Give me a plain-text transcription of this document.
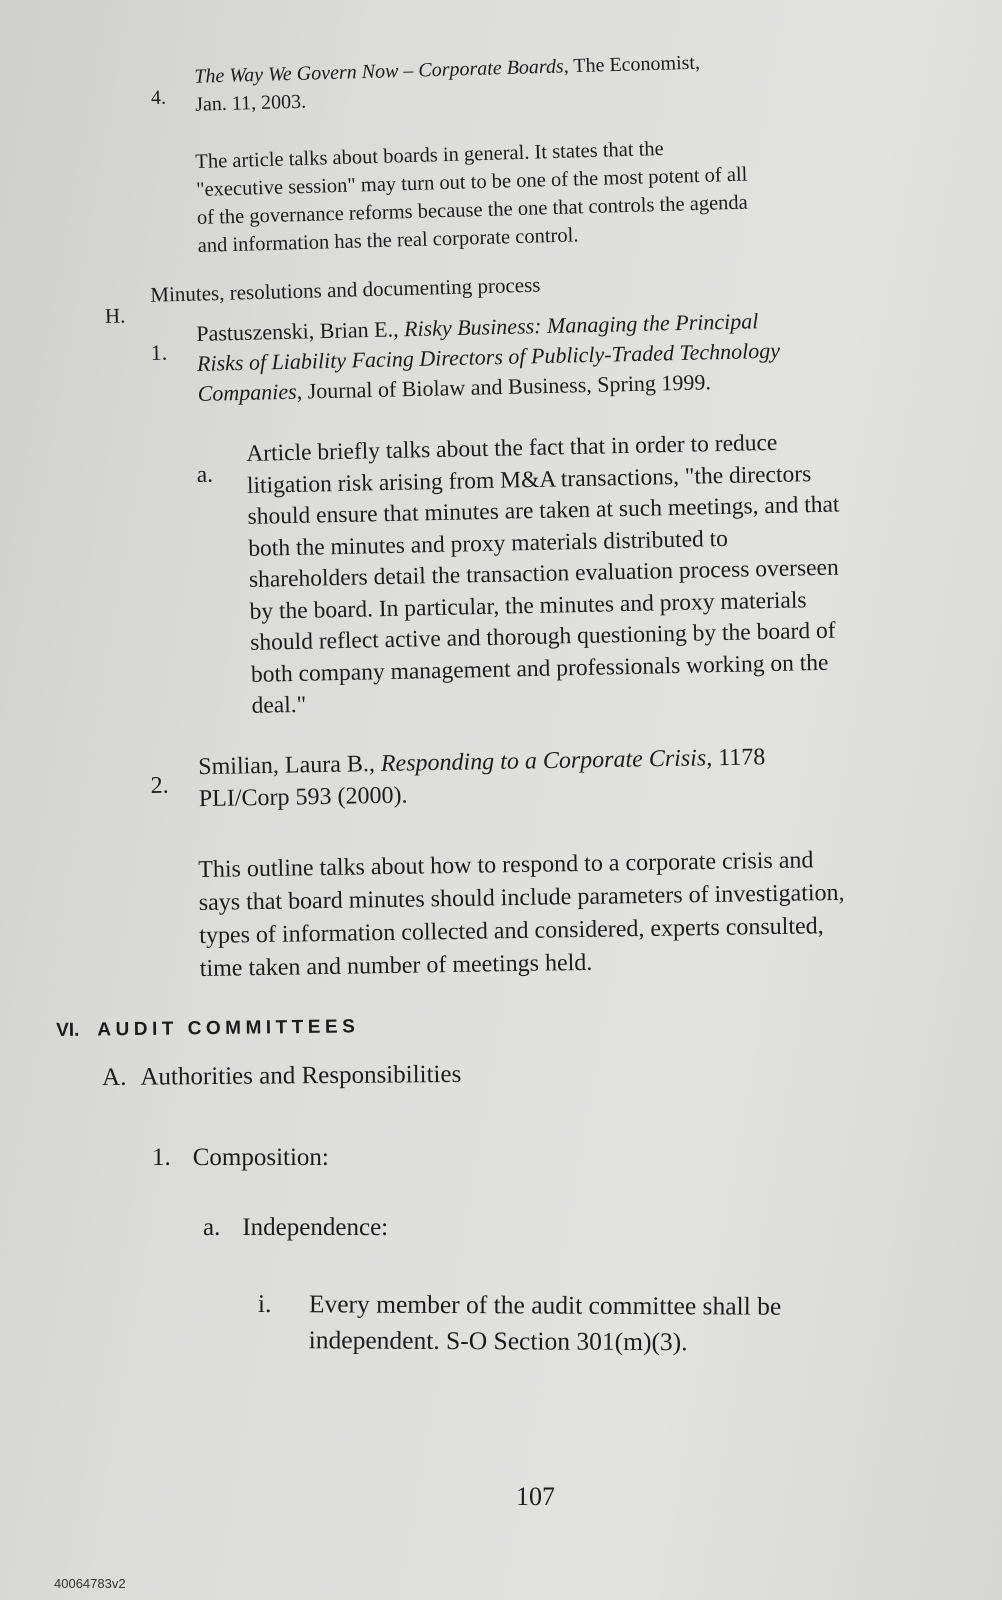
4.
The Way We Govern Now – Corporate Boards, The Economist,
Jan. 11, 2003.
The article talks about boards in general. It states that the
"executive session" may turn out to be one of the most potent of all
of the governance reforms because the one that controls the agenda
and information has the real corporate control.
H.
Minutes, resolutions and documenting process
1.
Pastuszenski, Brian E., Risky Business: Managing the Principal
Risks of Liability Facing Directors of Publicly-Traded Technology
Companies, Journal of Biolaw and Business, Spring 1999.
a.
Article briefly talks about the fact that in order to reduce
litigation risk arising from M&A transactions, "the directors
should ensure that minutes are taken at such meetings, and that
both the minutes and proxy materials distributed to
shareholders detail the transaction evaluation process overseen
by the board. In particular, the minutes and proxy materials
should reflect active and thorough questioning by the board of
both company management and professionals working on the
deal."
2.
Smilian, Laura B., Responding to a Corporate Crisis, 1178
PLI/Corp 593 (2000).
This outline talks about how to respond to a corporate crisis and
says that board minutes should include parameters of investigation,
types of information collected and considered, experts consulted,
time taken and number of meetings held.
VI. AUDIT COMMITTEES
A. Authorities and Responsibilities
1. Composition:
a. Independence:
i. Every member of the audit committee shall be
independent. S-O Section 301(m)(3).
107
40064783v2
